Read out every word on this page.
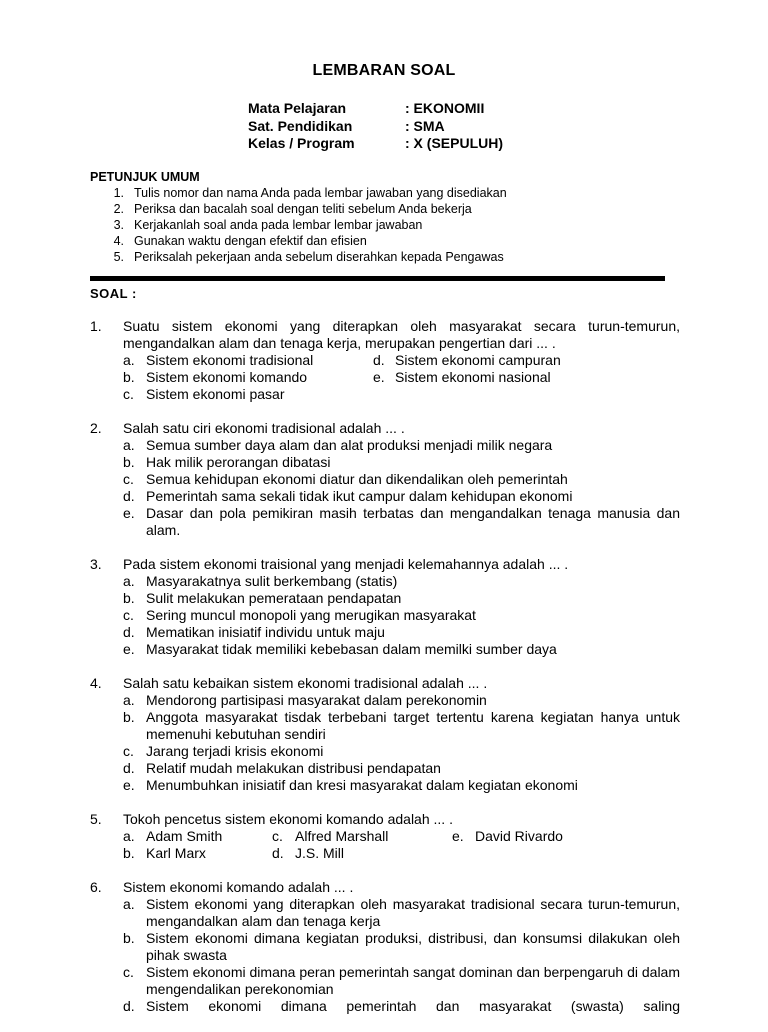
LEMBARAN SOAL
Mata Pelajaran	: EKONOMII
Sat. Pendidikan	: SMA
Kelas / Program	: X (SEPULUH)
PETUNJUK UMUM
1. Tulis nomor dan nama Anda pada lembar jawaban yang disediakan
2. Periksa dan bacalah soal dengan teliti sebelum Anda bekerja
3. Kerjakanlah soal anda pada lembar lembar jawaban
4. Gunakan waktu dengan efektif dan efisien
5. Periksalah pekerjaan anda sebelum diserahkan kepada Pengawas
SOAL :
1. Suatu sistem ekonomi yang diterapkan oleh masyarakat secara turun-temurun, mengandalkan alam dan tenaga kerja, merupakan pengertian dari ... .
a. Sistem ekonomi tradisional	d. Sistem ekonomi campuran
b. Sistem ekonomi komando	e. Sistem ekonomi nasional
c. Sistem ekonomi pasar
2. Salah satu ciri ekonomi tradisional adalah ... .
a. Semua sumber daya alam dan alat produksi menjadi milik negara
b. Hak milik perorangan dibatasi
c. Semua kehidupan ekonomi diatur dan dikendalikan oleh pemerintah
d. Pemerintah sama sekali tidak ikut campur dalam kehidupan ekonomi
e. Dasar dan pola pemikiran masih terbatas dan mengandalkan tenaga manusia dan alam.
3. Pada sistem ekonomi traisional yang menjadi kelemahannya adalah ... .
a. Masyarakatnya sulit berkembang (statis)
b. Sulit melakukan pemerataan pendapatan
c. Sering muncul monopoli yang merugikan masyarakat
d. Mematikan inisiatif individu untuk maju
e. Masyarakat tidak memiliki kebebasan dalam memilki sumber daya
4. Salah satu kebaikan sistem ekonomi tradisional adalah ... .
a. Mendorong partisipasi masyarakat dalam perekonomin
b. Anggota masyarakat tisdak terbebani target tertentu karena kegiatan hanya untuk memenuhi kebutuhan sendiri
c. Jarang terjadi krisis ekonomi
d. Relatif mudah melakukan distribusi pendapatan
e. Menumbuhkan inisiatif dan kresi masyarakat dalam kegiatan ekonomi
5. Tokoh pencetus sistem ekonomi komando adalah ... .
a. Adam Smith	c. Alfred Marshall	e. David Rivardo
b. Karl Marx	d. J.S. Mill
6. Sistem ekonomi komando adalah ... .
a. Sistem ekonomi yang diterapkan oleh masyarakat tradisional secara turun-temurun, mengandalkan alam dan tenaga kerja
b. Sistem ekonomi dimana kegiatan produksi, distribusi, dan konsumsi dilakukan oleh pihak swasta
c. Sistem ekonomi dimana peran pemerintah sangat dominan dan berpengaruh di dalam mengendalikan perekonomian
d. Sistem ekonomi dimana pemerintah dan masyarakat (swasta) saling
